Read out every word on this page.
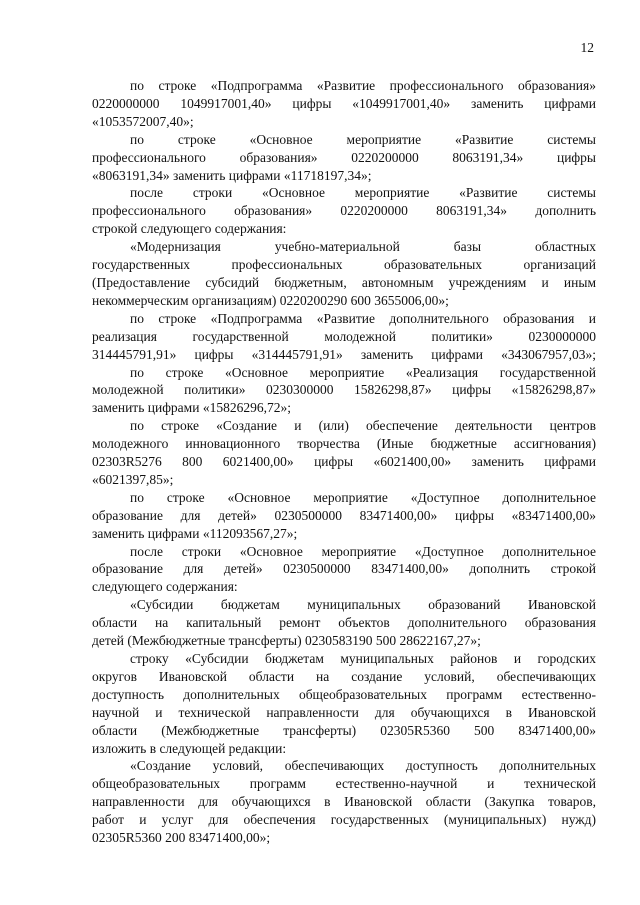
12

по строке «Подпрограмма «Развитие профессионального образования»

0220000000 1049917001,40» цифры «1049917001,40» заменить цифрами

«1053572007,40»;

по строке «Основное мероприятие «Развитие системы

профессионального образования» 0220200000 8063191,34» цифры

«8063191,34» заменить цифрами «11718197,34»;

после строки «Основное мероприятие «Развитие системы

профессионального образования» 0220200000 8063191,34» дополнить

строкой следующего содержания:

«Модернизация учебно-материальной базы областных

государственных профессиональных образовательных организаций

(Предоставление субсидий бюджетным, автономным учреждениям и иным

некоммерческим организациям) 0220200290 600 3655006,00»;

по строке «Подпрограмма «Развитие дополнительного образования и

реализация государственной молодежной политики» 0230000000

314445791,91» цифры «314445791,91» заменить цифрами «343067957,03»;

по строке «Основное мероприятие «Реализация государственной

молодежной политики» 0230300000 15826298,87» цифры «15826298,87»

заменить цифрами «15826296,72»;

по строке «Создание и (или) обеспечение деятельности центров

молодежного инновационного творчества (Иные бюджетные ассигнования)

02303R5276 800 6021400,00» цифры «6021400,00» заменить цифрами

«6021397,85»;

по строке «Основное мероприятие «Доступное дополнительное

образование для детей» 0230500000 83471400,00» цифры «83471400,00»

заменить цифрами «112093567,27»;

после строки «Основное мероприятие «Доступное дополнительное

образование для детей» 0230500000 83471400,00» дополнить строкой

следующего содержания:

«Субсидии бюджетам муниципальных образований Ивановской

области на капитальный ремонт объектов дополнительного образования

детей (Межбюджетные трансферты) 0230583190 500 28622167,27»;

строку «Субсидии бюджетам муниципальных районов и городских

округов Ивановской области на создание условий, обеспечивающих

доступность дополнительных общеобразовательных программ естественно-

научной и технической направленности для обучающихся в Ивановской

области (Межбюджетные трансферты) 02305R5360 500 83471400,00»

изложить в следующей редакции:

«Создание условий, обеспечивающих доступность дополнительных

общеобразовательных программ естественно-научной и технической

направленности для обучающихся в Ивановской области (Закупка товаров,

работ и услуг для обеспечения государственных (муниципальных) нужд)

02305R5360 200 83471400,00»;
